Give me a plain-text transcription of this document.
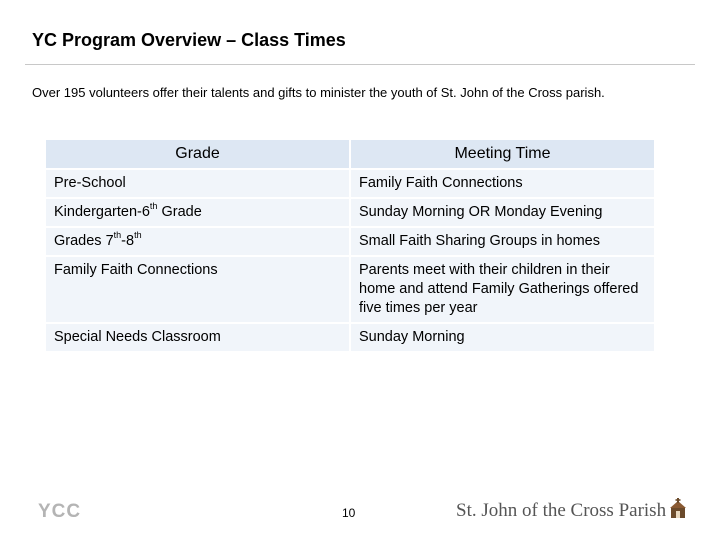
YC Program Overview – Class Times
Over 195 volunteers offer their talents and gifts to minister the youth of St. John of the Cross parish.
Grade	Meeting Time
Pre-School	Family Faith Connections
Kindergarten-6th Grade	Sunday Morning OR Monday Evening
Grades 7th-8th	Small Faith Sharing Groups in homes
Family Faith Connections	Parents meet with their children in their home and attend Family Gatherings offered five times per year
Special Needs Classroom	Sunday Morning
YCC	10	St. John of the Cross Parish
